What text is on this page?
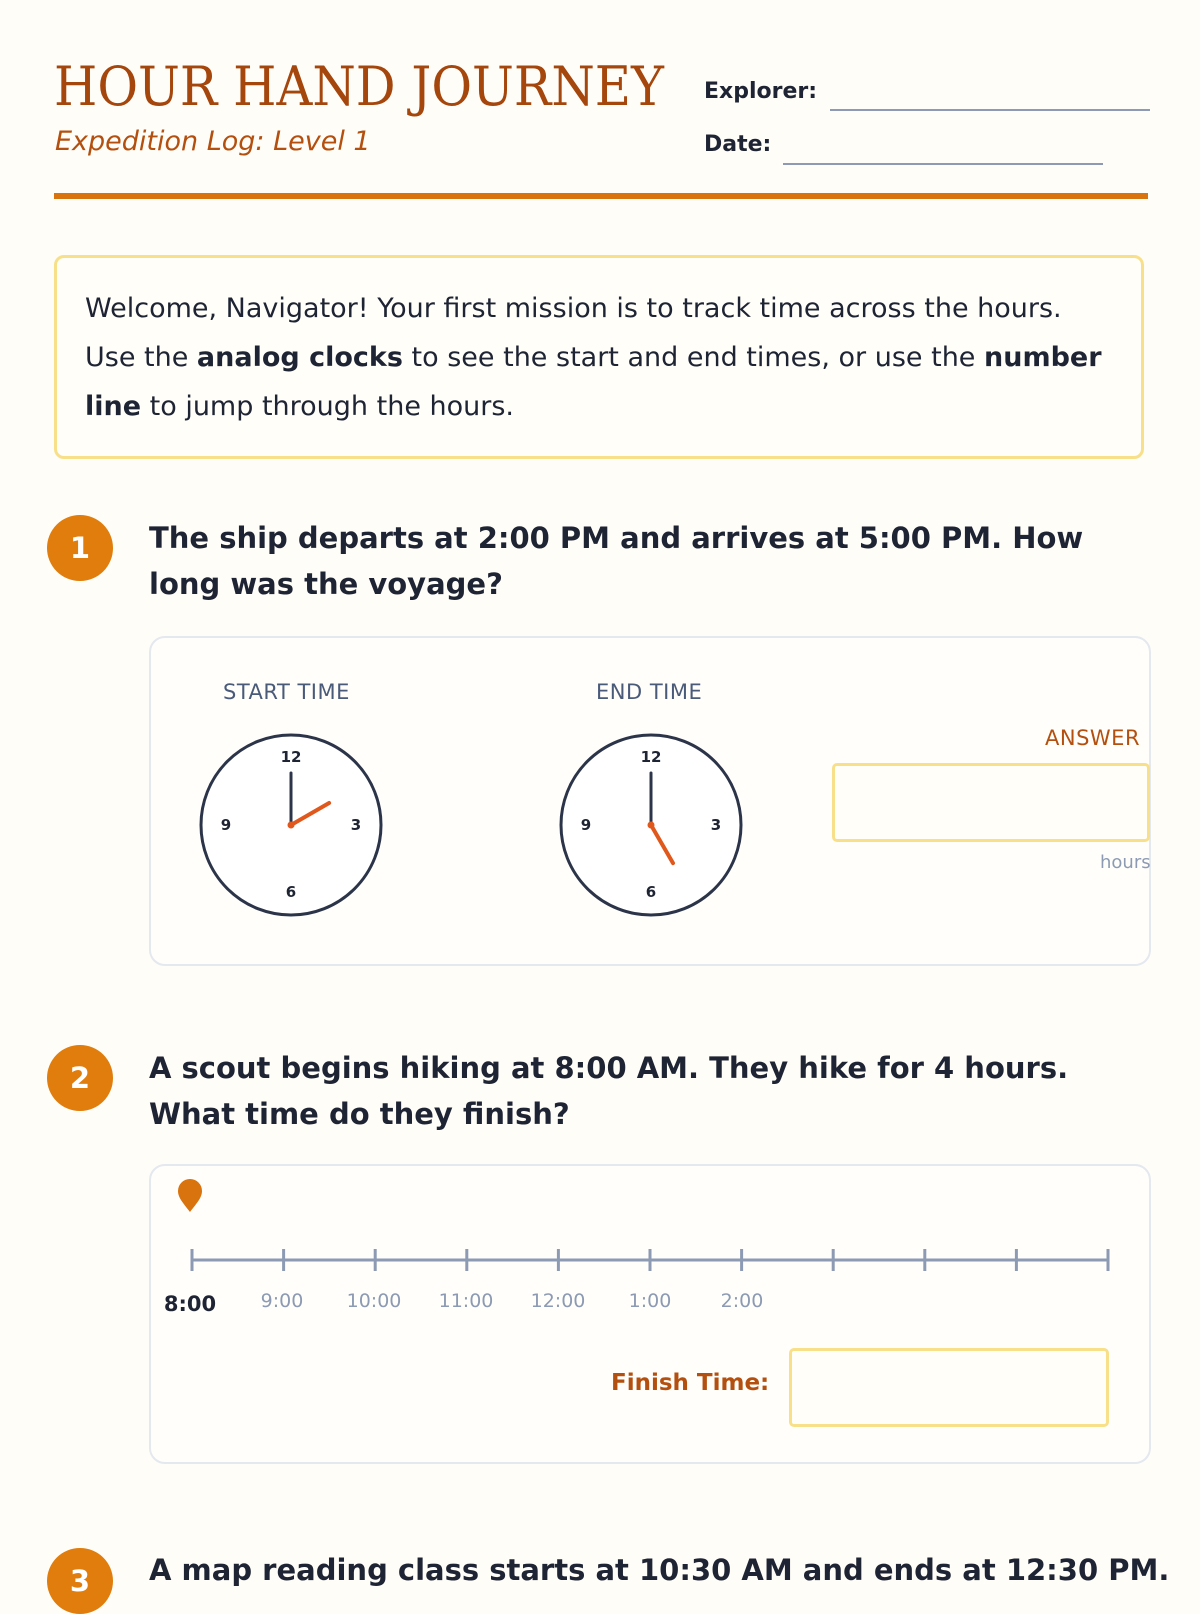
HOUR HAND JOURNEY
Expedition Log: Level 1
Explorer:
Date:

Welcome, Navigator! Your first mission is to track time across the hours. Use the analog clocks to see the start and end times, or use the number line to jump through the hours.

1	The ship departs at 2:00 PM and arrives at 5:00 PM. How long was the voyage?
START TIME	END TIME
12
3
6
9
12
3
6
9
ANSWER
hours
2	A scout begins hiking at 8:00 AM. They hike for 4 hours. What time do they finish?
8:00	9:00	10:00	11:00	12:00	1:00	2:00
Finish Time:
3	A map reading class starts at 10:30 AM and ends at 12:30 PM.
